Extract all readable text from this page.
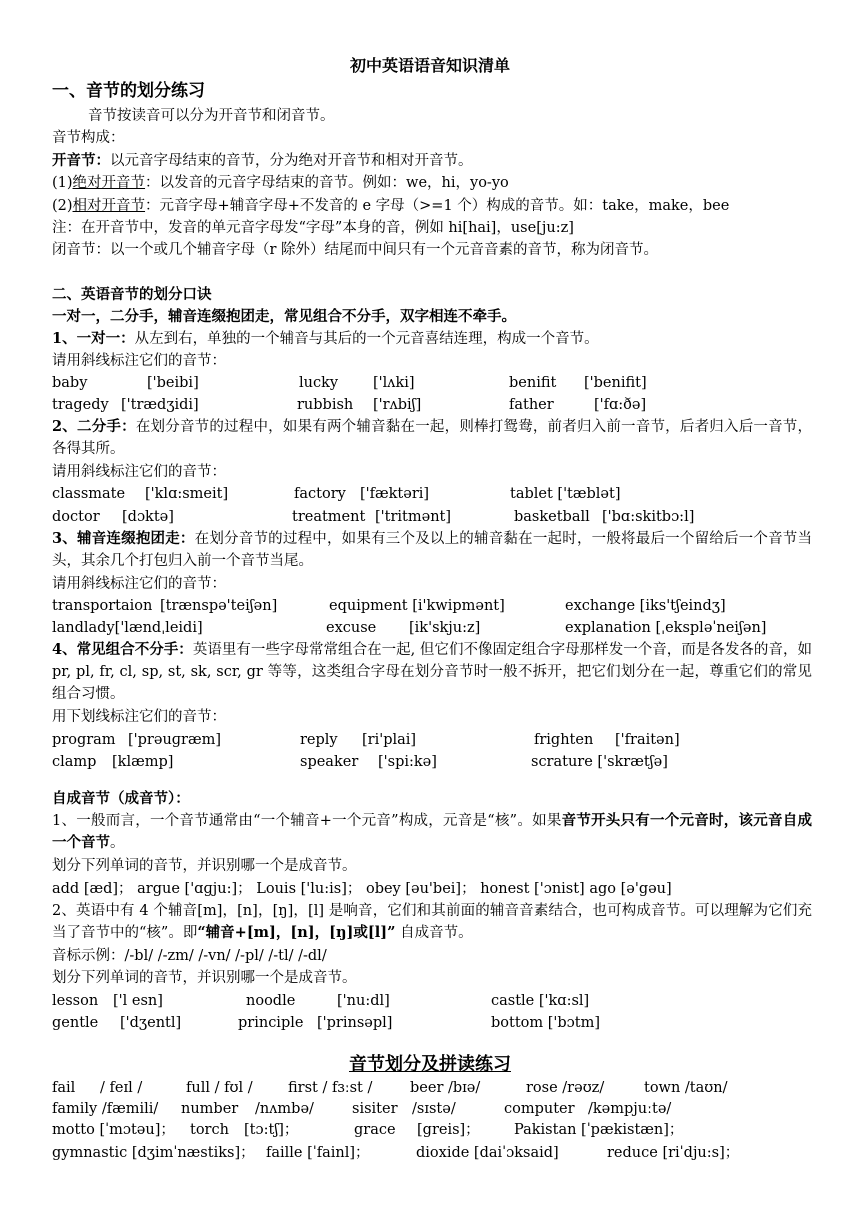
初中英语语音知识清单
一、音节的划分练习
音节按读音可以分为开音节和闭音节。
音节构成：
开音节：以元音字母结束的音节，分为绝对开音节和相对开音节。
(1)绝对开音节：以发音的元音字母结束的音节。例如：we，hi，yo-yo
(2)相对开音节：元音字母+辅音字母+不发音的 e 字母（>=1 个）构成的音节。如：take，make，bee
注：在开音节中，发音的单元音字母发“字母”本身的音，例如 hi[hai]，use[ju:z]
闭音节：以一个或几个辅音字母（r 除外）结尾而中间只有一个元音音素的音节，称为闭音节。
二、英语音节的划分口诀
一对一，二分手，辅音连缀抱团走，常见组合不分手，双字相连不牵手。
1、一对一：从左到右，单独的一个辅音与其后的一个元音喜结连理，构成一个音节。
请用斜线标注它们的音节：
baby	['beibi]	lucky ['lʌki]	benifit ['benifit]
tragedy ['trædʒidi]	rubbish ['rʌbiʃ]	father	['fɑ:ðə]
2、二分手：在划分音节的过程中，如果有两个辅音黏在一起，则棒打鸳鸯，前者归入前一音节，后者归入后一音节，各得其所。
请用斜线标注它们的音节：
classmate ['klɑ:smeit]	factory ['fæktəri]	tablet ['tæblət]
doctor [dɔktə]	treatment ['tritmənt]	basketball ['bɑ:skitbɔ:l]
3、辅音连缀抱团走：在划分音节的过程中，如果有三个及以上的辅音黏在一起时，一般将最后一个留给后一个音节当头，其余几个打包归入前一个音节当尾。
请用斜线标注它们的音节：
transportaion [trænspə'teiʃən]	equipment [i'kwipmənt]	exchange [iks'tʃeindʒ]
landlady['lændˌleidi]	excuse [ik'skju:z]	explanation [ˌekspləˈneiʃən]
4、常见组合不分手：英语里有一些字母常常组合在一起, 但它们不像固定组合字母那样发一个音，而是各发各的音，如 pr, pl, fr, cl, sp, st, sk, scr, gr 等等，这类组合字母在划分音节时一般不拆开，把它们划分在一起，尊重它们的常见组合习惯。
用下划线标注它们的音节：
program ['prəuɡræm]	reply [ri'plai]	frighten ['fraitən]
clamp [klæmp]	speaker ['spi:kə]	scrature ['skrætʃə]
自成音节（成音节）：
1、一般而言，一个音节通常由“一个辅音+一个元音”构成，元音是“核”。如果音节开头只有一个元音时，该元音自成一个音节。
划分下列单词的音节，并识别哪一个是成音节。
add [æd]； argue ['ɑɡju:]； Louis ['lu:is]； obey [əu'bei]； honest ['ɔnist] ago [ə'gəu]
2、英语中有 4 个辅音[m]，[n]，[ŋ]，[l] 是响音，它们和其前面的辅音音素结合，也可构成音节。可以理解为它们充当了音节中的“核”。即“辅音+[m]，[n]，[ŋ]或[l]” 自成音节。
音标示例：/-bl/ /-zm/ /-vn/ /-pl/ /-tl/ /-dl/
划分下列单词的音节，并识别哪一个是成音节。
lesson ['l esn]	noodle	['nu:dl]	castle ['kɑ:sl]
gentle ['dʒentl]	principle ['prinsəpl]	bottom ['bɔtm]
音节划分及拼读练习
fail / feɪl /	full / fʊl / first / fɜːst /	beer /bɪə/	rose /rəʊz/	town /taʊn/
family /fæmili/ number /nʌmbə/	sisiter /sɪstə/	computer /kəmpjuːtə/
motto [ˈmɔtəu]； torch [tɔ:tʃ]；	grace [greis]； Pakistan [ˈpækistæn]；
gymnastic [dʒimˈnæstiks]； faille [ˈfainl]；	dioxide [daiˈɔksaid]	reduce [riˈdju:s]；
